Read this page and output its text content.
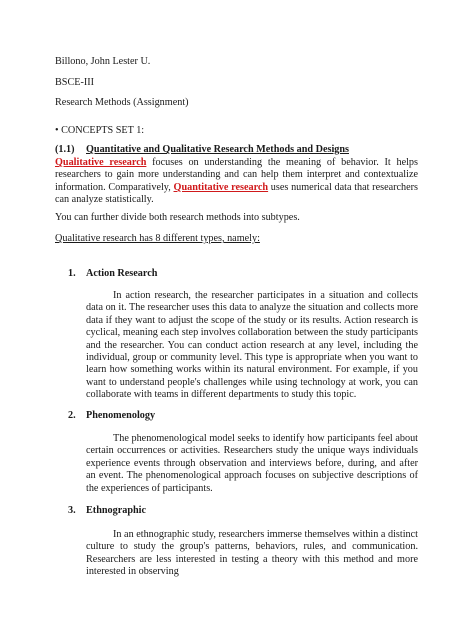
Billono, John Lester U.
BSCE-III
Research Methods (Assignment)
• CONCEPTS SET 1:
(1.1) Quantitative and Qualitative Research Methods and Designs

Qualitative research focuses on understanding the meaning of behavior. It helps researchers to gain more understanding and can help them interpret and contextualize information. Comparatively, Quantitative research uses numerical data that researchers can analyze statistically.

You can further divide both research methods into subtypes.
Qualitative research has 8 different types, namely:
1. Action Research

In action research, the researcher participates in a situation and collects data on it. The researcher uses this data to analyze the situation and collects more data if they want to adjust the scope of the study or its results. Action research is cyclical, meaning each step involves collaboration between the study participants and the researcher. You can conduct action research at any level, including the individual, group or community level. This type is appropriate when you want to learn how something works within its natural environment. For example, if you want to understand people's challenges while using technology at work, you can collaborate with teams in different departments to study this topic.

2. Phenomenology

The phenomenological model seeks to identify how participants feel about certain occurrences or activities. Researchers study the unique ways individuals experience events through observation and interviews before, during, and after an event. The phenomenological approach focuses on subjective descriptions of the experiences of participants.

3. Ethnographic

In an ethnographic study, researchers immerse themselves within a distinct culture to study the group's patterns, behaviors, rules, and communication. Researchers are less interested in testing a theory with this method and more interested in observing
